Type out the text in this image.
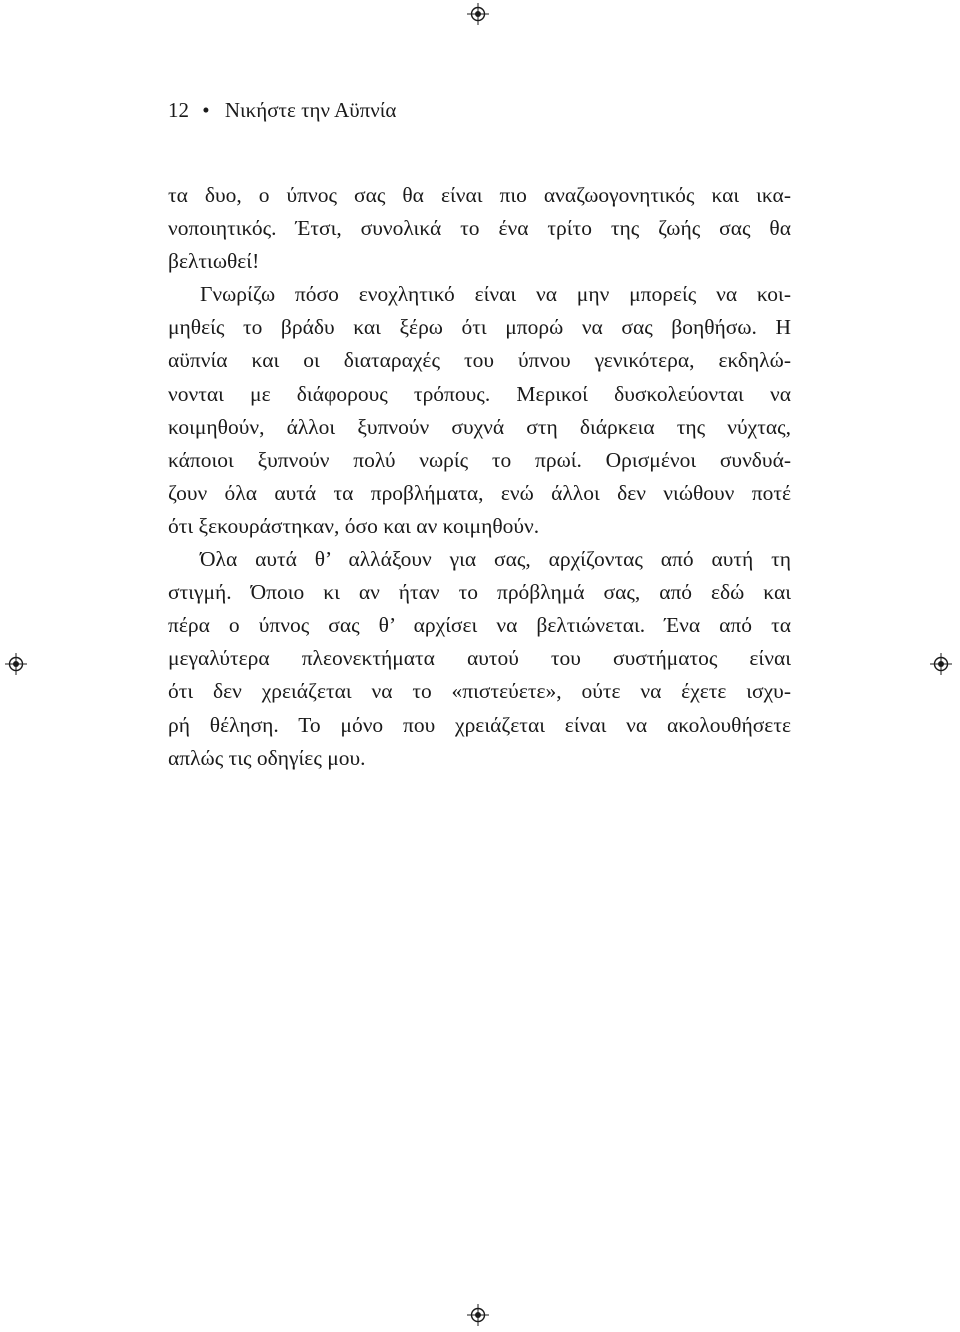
12 • Νικήστε την Αϋπνία
τα δυο, ο ύπνος σας θα είναι πιο αναζωογονητικός και ικα-
νοποιητικός. Έτσι, συνολικά το ένα τρίτο της ζωής σας θα
βελτιωθεί!
Γνωρίζω πόσο ενοχλητικό είναι να μην μπορείς να κοι-
μηθείς το βράδυ και ξέρω ότι μπορώ να σας βοηθήσω. Η
αϋπνία και οι διαταραχές του ύπνου γενικότερα, εκδηλώ-
νονται με διάφορους τρόπους. Μερικοί δυσκολεύονται να
κοιμηθούν, άλλοι ξυπνούν συχνά στη διάρκεια της νύχτας,
κάποιοι ξυπνούν πολύ νωρίς το πρωί. Ορισμένοι συνδυά-
ζουν όλα αυτά τα προβλήματα, ενώ άλλοι δεν νιώθουν ποτέ
ότι ξεκουράστηκαν, όσο και αν κοιμηθούν.
Όλα αυτά θ’ αλλάξουν για σας, αρχίζοντας από αυτή τη
στιγμή. Όποιο κι αν ήταν το πρόβλημά σας, από εδώ και
πέρα ο ύπνος σας θ’ αρχίσει να βελτιώνεται. Ένα από τα
μεγαλύτερα πλεονεκτήματα αυτού του συστήματος είναι
ότι δεν χρειάζεται να το «πιστεύετε», ούτε να έχετε ισχυ-
ρή θέληση. Το μόνο που χρειάζεται είναι να ακολουθήσετε
απλώς τις οδηγίες μου.
